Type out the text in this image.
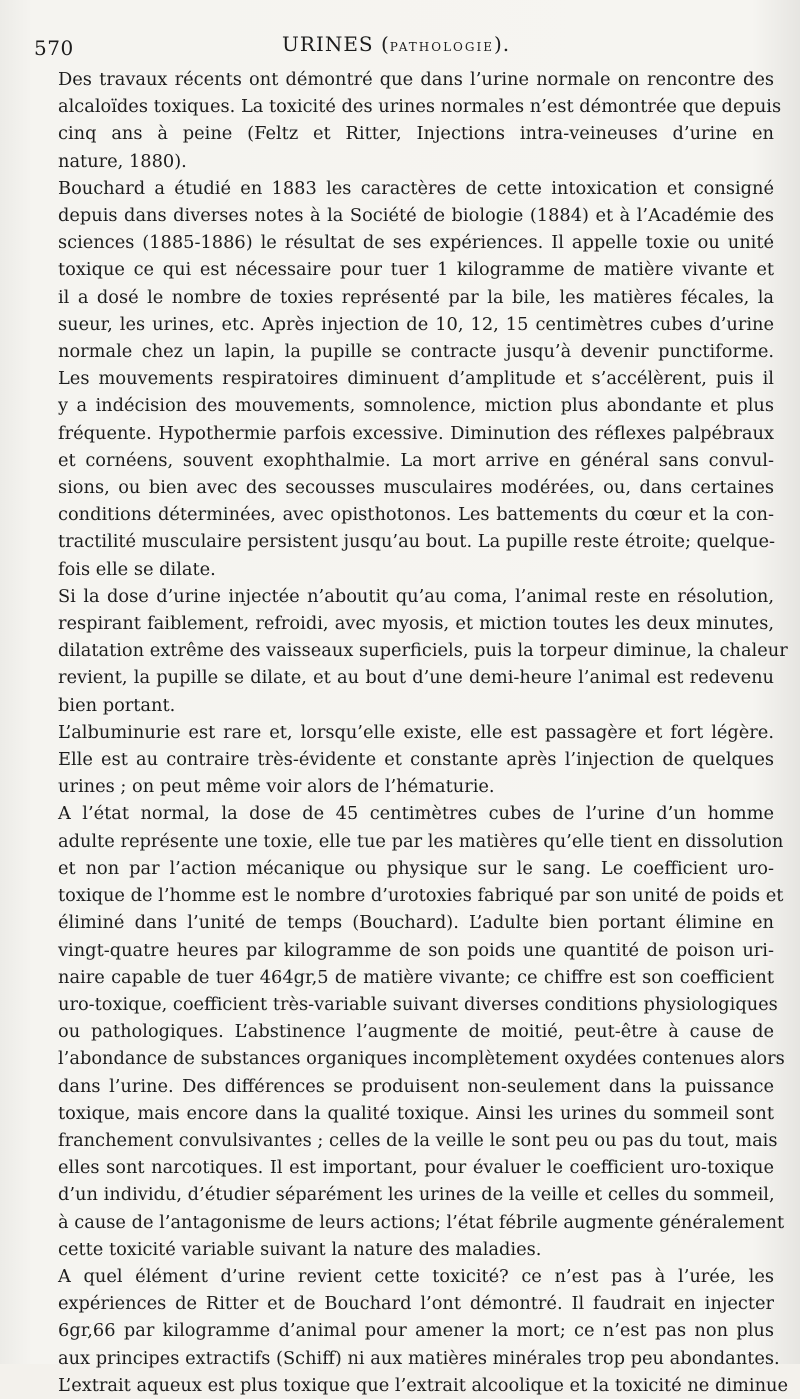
570	URINES (PATHOLOGIE).
Des travaux récents ont démontré que dans l’urine normale on rencontre des
alcaloïdes toxiques. La toxicité des urines normales n’est démontrée que depuis
cinq ans à peine (Feltz et Ritter, Injections intra-veineuses d’urine en
nature, 1880).
Bouchard a étudié en 1883 les caractères de cette intoxication et consigné
depuis dans diverses notes à la Société de biologie (1884) et à l’Académie des
sciences (1885-1886) le résultat de ses expériences. Il appelle toxie ou unité
toxique ce qui est nécessaire pour tuer 1 kilogramme de matière vivante et
il a dosé le nombre de toxies représenté par la bile, les matières fécales, la
sueur, les urines, etc. Après injection de 10, 12, 15 centimètres cubes d’urine
normale chez un lapin, la pupille se contracte jusqu’à devenir punctiforme.
Les mouvements respiratoires diminuent d’amplitude et s’accélèrent, puis il
y a indécision des mouvements, somnolence, miction plus abondante et plus
fréquente. Hypothermie parfois excessive. Diminution des réflexes palpébraux
et cornéens, souvent exophthalmie. La mort arrive en général sans convul-
sions, ou bien avec des secousses musculaires modérées, ou, dans certaines
conditions déterminées, avec opisthotonos. Les battements du cœur et la con-
tractilité musculaire persistent jusqu’au bout. La pupille reste étroite; quelque-
fois elle se dilate.
Si la dose d’urine injectée n’aboutit qu’au coma, l’animal reste en résolution,
respirant faiblement, refroidi, avec myosis, et miction toutes les deux minutes,
dilatation extrême des vaisseaux superficiels, puis la torpeur diminue, la chaleur
revient, la pupille se dilate, et au bout d’une demi-heure l’animal est redevenu
bien portant.
L’albuminurie est rare et, lorsqu’elle existe, elle est passagère et fort légère.
Elle est au contraire très-évidente et constante après l’injection de quelques
urines ; on peut même voir alors de l’hématurie.
A l’état normal, la dose de 45 centimètres cubes de l’urine d’un homme
adulte représente une toxie, elle tue par les matières qu’elle tient en dissolution
et non par l’action mécanique ou physique sur le sang. Le coefficient uro-
toxique de l’homme est le nombre d’urotoxies fabriqué par son unité de poids et
éliminé dans l’unité de temps (Bouchard). L’adulte bien portant élimine en
vingt-quatre heures par kilogramme de son poids une quantité de poison uri-
naire capable de tuer 464gr,5 de matière vivante; ce chiffre est son coefficient
uro-toxique, coefficient très-variable suivant diverses conditions physiologiques
ou pathologiques. L’abstinence l’augmente de moitié, peut-être à cause de
l’abondance de substances organiques incomplètement oxydées contenues alors
dans l’urine. Des différences se produisent non-seulement dans la puissance
toxique, mais encore dans la qualité toxique. Ainsi les urines du sommeil sont
franchement convulsivantes ; celles de la veille le sont peu ou pas du tout, mais
elles sont narcotiques. Il est important, pour évaluer le coefficient uro-toxique
d’un individu, d’étudier séparément les urines de la veille et celles du sommeil,
à cause de l’antagonisme de leurs actions; l’état fébrile augmente généralement
cette toxicité variable suivant la nature des maladies.
A quel élément d’urine revient cette toxicité? ce n’est pas à l’urée, les
expériences de Ritter et de Bouchard l’ont démontré. Il faudrait en injecter
6gr,66 par kilogramme d’animal pour amener la mort; ce n’est pas non plus
aux principes extractifs (Schiff) ni aux matières minérales trop peu abondantes.
L’extrait aqueux est plus toxique que l’extrait alcoolique et la toxicité ne diminue
